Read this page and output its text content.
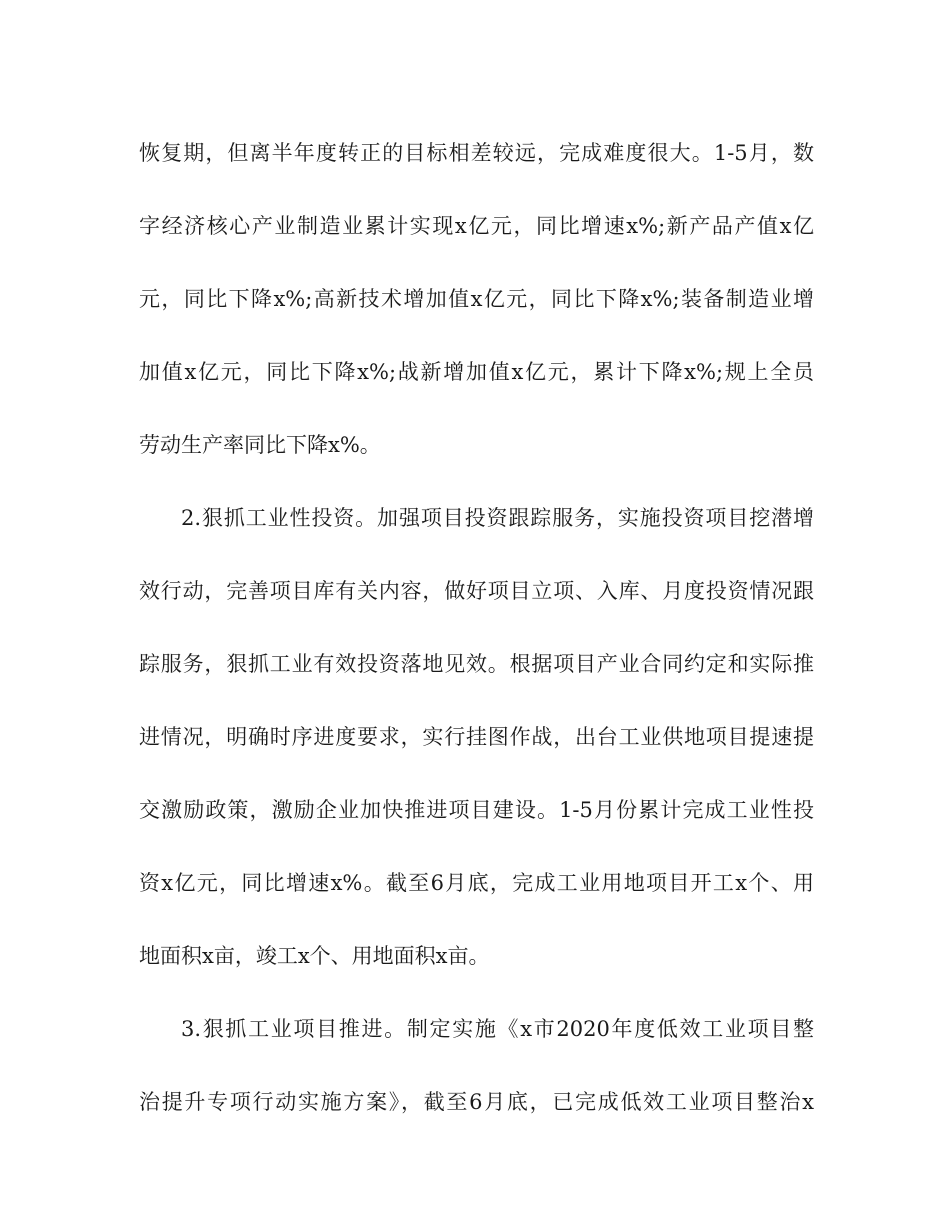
恢复期，但离半年度转正的目标相差较远，完成难度很大。1-5月，数
字经济核心产业制造业累计实现x亿元，同比增速x%;新产品产值x亿
元，同比下降x%;高新技术增加值x亿元，同比下降x%;装备制造业增
加值x亿元，同比下降x%;战新增加值x亿元，累计下降x%;规上全员
劳动生产率同比下降x%。
2.狠抓工业性投资。加强项目投资跟踪服务，实施投资项目挖潜增
效行动，完善项目库有关内容，做好项目立项、入库、月度投资情况跟
踪服务，狠抓工业有效投资落地见效。根据项目产业合同约定和实际推
进情况，明确时序进度要求，实行挂图作战，出台工业供地项目提速提
交激励政策，激励企业加快推进项目建设。1-5月份累计完成工业性投
资x亿元，同比增速x%。截至6月底，完成工业用地项目开工x个、用
地面积x亩，竣工x个、用地面积x亩。
3.狠抓工业项目推进。制定实施《x市2020年度低效工业项目整
治提升专项行动实施方案》，截至6月底，已完成低效工业项目整治x
